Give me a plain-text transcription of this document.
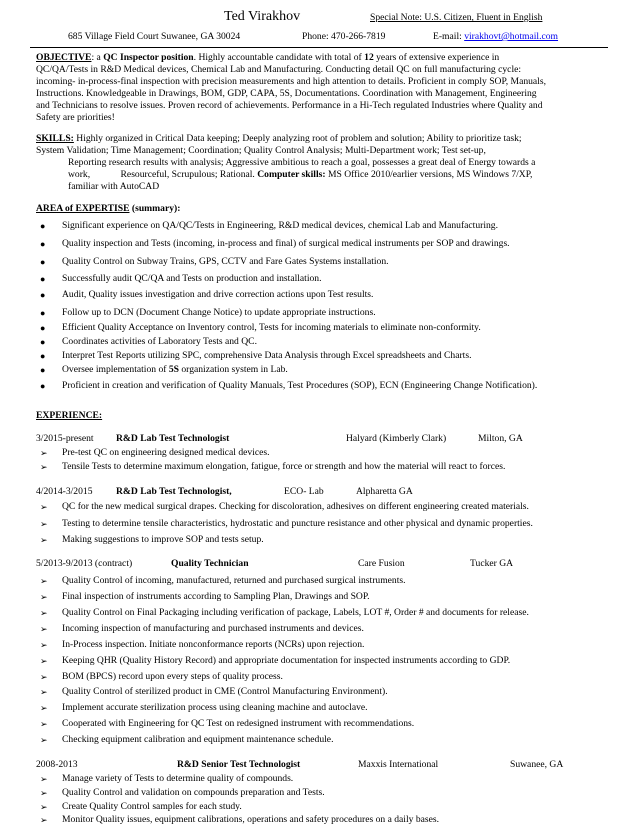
Ted Virakhov	Special Note: U.S. Citizen, Fluent in English
685 Village Field Court Suwanee, GA 30024	Phone: 470-266-7819	E-mail: virakhovt@hotmail.com
OBJECTIVE: a QC Inspector position. Highly accountable candidate with total of 12 years of extensive experience in
QC/QA/Tests in R&D Medical devices, Chemical Lab and Manufacturing. Conducting detail QC on full manufacturing cycle:
incoming- in-process-final inspection with precision measurements and high attention to details. Proficient in comply SOP, Manuals,
Instructions. Knowledgeable in Drawings, BOM, GDP, CAPA, 5S, Documentations. Coordination with Management, Engineering
and Technicians to resolve issues. Proven record of achievements. Performance in a Hi-Tech regulated Industries where Quality and
Safety are priorities!
SKILLS: Highly organized in Critical Data keeping; Deeply analyzing root of problem and solution; Ability to prioritize task;
System Validation; Time Management; Coordination; Quality Control Analysis; Multi-Department work; Test set-up,
Reporting research results with analysis; Aggressive ambitious to reach a goal, possesses a great deal of Energy towards a
work,	Resourceful, Scrupulous; Rational. Computer skills: MS Office 2010/earlier versions, MS Windows 7/XP,
familiar with AutoCAD
AREA of EXPERTISE (summary):
● Significant experience on QA/QC/Tests in Engineering, R&D medical devices, chemical Lab and Manufacturing.
● Quality inspection and Tests (incoming, in-process and final) of surgical medical instruments per SOP and drawings.
● Quality Control on Subway Trains, GPS, CCTV and Fare Gates Systems installation.
● Successfully audit QC/QA and Tests on production and installation.
● Audit, Quality issues investigation and drive correction actions upon Test results.
● Follow up to DCN (Document Change Notice) to update appropriate instructions.
● Efficient Quality Acceptance on Inventory control, Tests for incoming materials to eliminate non-conformity.
● Coordinates activities of Laboratory Tests and QC.
● Interpret Test Reports utilizing SPC, comprehensive Data Analysis through Excel spreadsheets and Charts.
● Oversee implementation of 5S organization system in Lab.
● Proficient in creation and verification of Quality Manuals, Test Procedures (SOP), ECN (Engineering Change Notification).
EXPERIENCE:
3/2015-present R&D Lab Test Technologist	Halyard (Kimberly Clark)	Milton, GA
➢ Pre-test QC on engineering designed medical devices.
➢ Tensile Tests to determine maximum elongation, fatigue, force or strength and how the material will react to forces.
4/2014-3/2015 R&D Lab Test Technologist,	ECO- Lab	Alpharetta GA
➢ QC for the new medical surgical drapes. Checking for discoloration, adhesives on different engineering created materials.
➢ Testing to determine tensile characteristics, hydrostatic and puncture resistance and other physical and dynamic properties.
➢ Making suggestions to improve SOP and tests setup.
5/2013-9/2013 (contract)	Quality Technician	Care Fusion	Tucker GA
➢ Quality Control of incoming, manufactured, returned and purchased surgical instruments.
➢ Final inspection of instruments according to Sampling Plan, Drawings and SOP.
➢ Quality Control on Final Packaging including verification of package, Labels, LOT #, Order # and documents for release.
➢ Incoming inspection of manufacturing and purchased instruments and devices.
➢ In-Process inspection. Initiate nonconformance reports (NCRs) upon rejection.
➢ Keeping QHR (Quality History Record) and appropriate documentation for inspected instruments according to GDP.
➢ BOM (BPCS) record upon every steps of quality process.
➢ Quality Control of sterilized product in CME (Control Manufacturing Environment).
➢ Implement accurate sterilization process using cleaning machine and autoclave.
➢ Cooperated with Engineering for QC Test on redesigned instrument with recommendations.
➢ Checking equipment calibration and equipment maintenance schedule.
2008-2013	R&D Senior Test Technologist	Maxxis International	Suwanee, GA
➢ Manage variety of Tests to determine quality of compounds.
➢ Quality Control and validation on compounds preparation and Tests.
➢ Create Quality Control samples for each study.
➢ Monitor Quality issues, equipment calibrations, operations and safety procedures on a daily bases.
